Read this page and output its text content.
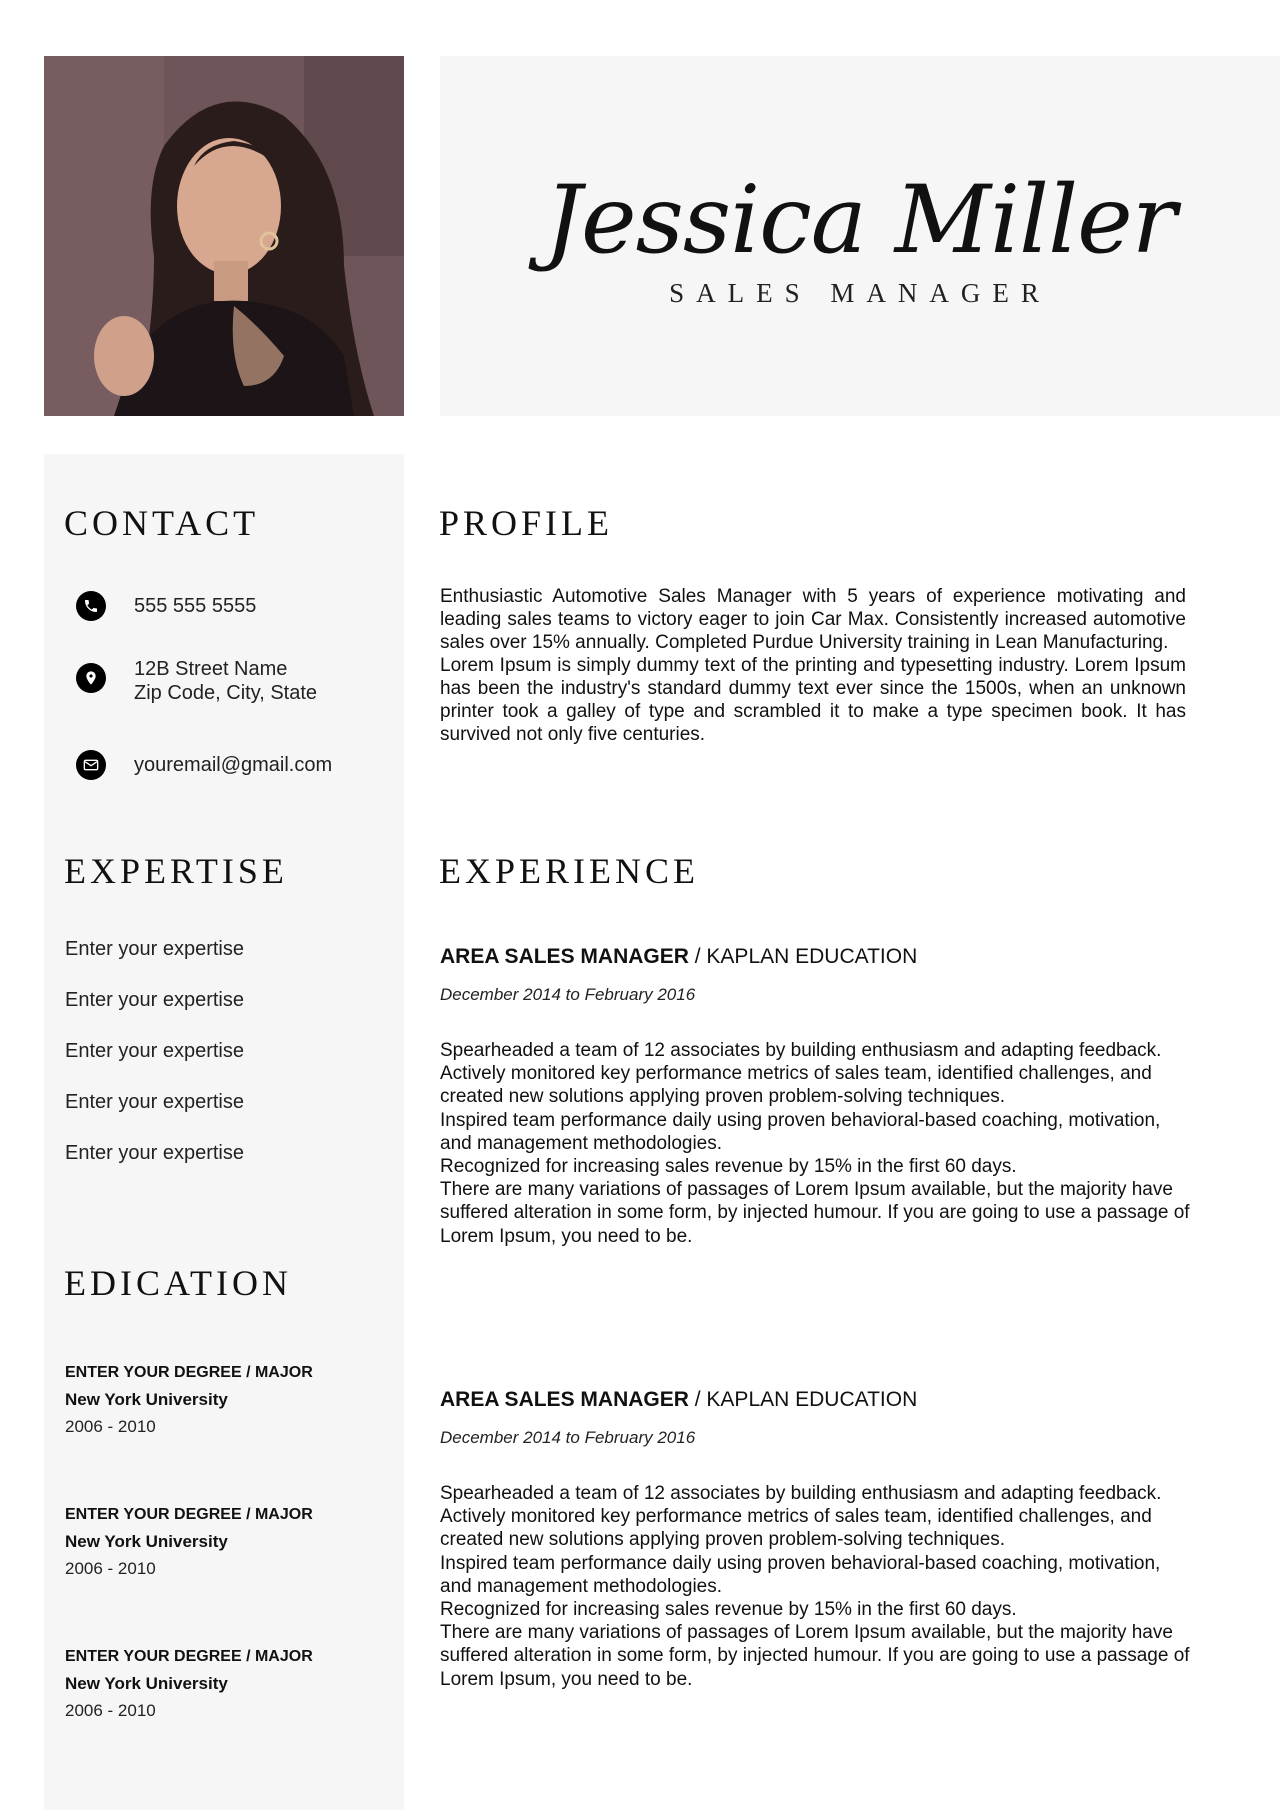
Jessica Miller
SALES MANAGER
CONTACT
555 555 5555
12B Street Name
Zip Code, City, State
youremail@gmail.com
EXPERTISE
Enter your expertise
Enter your expertise
Enter your expertise
Enter your expertise
Enter your expertise
EDICATION
ENTER YOUR DEGREE / MAJOR
New York University
2006 - 2010
ENTER YOUR DEGREE / MAJOR
New York University
2006 - 2010
ENTER YOUR DEGREE / MAJOR
New York University
2006 - 2010
PROFILE

Enthusiastic Automotive Sales Manager with 5 years of experience motivating and leading sales teams to victory eager to join Car Max. Consistently increased automotive sales over 15% annually. Completed Purdue University training in Lean Manufacturing.

Lorem Ipsum is simply dummy text of the printing and typesetting industry. Lorem Ipsum has been the industry's standard dummy text ever since the 1500s, when an unknown printer took a galley of type and scrambled it to make a type specimen book. It has survived not only five centuries.

EXPERIENCE
AREA SALES MANAGER / KAPLAN EDUCATION
December 2014 to February 2016
Spearheaded a team of 12 associates by building enthusiasm and adapting feedback.
Actively monitored key performance metrics of sales team, identified challenges, and created new solutions applying proven problem-solving techniques.
Inspired team performance daily using proven behavioral-based coaching, motivation, and management methodologies.
Recognized for increasing sales revenue by 15% in the first 60 days.
There are many variations of passages of Lorem Ipsum available, but the majority have suffered alteration in some form, by injected humour. If you are going to use a passage of Lorem Ipsum, you need to be.
AREA SALES MANAGER / KAPLAN EDUCATION
December 2014 to February 2016
Spearheaded a team of 12 associates by building enthusiasm and adapting feedback.
Actively monitored key performance metrics of sales team, identified challenges, and created new solutions applying proven problem-solving techniques.
Inspired team performance daily using proven behavioral-based coaching, motivation, and management methodologies.
Recognized for increasing sales revenue by 15% in the first 60 days.
There are many variations of passages of Lorem Ipsum available, but the majority have suffered alteration in some form, by injected humour. If you are going to use a passage of Lorem Ipsum, you need to be.
